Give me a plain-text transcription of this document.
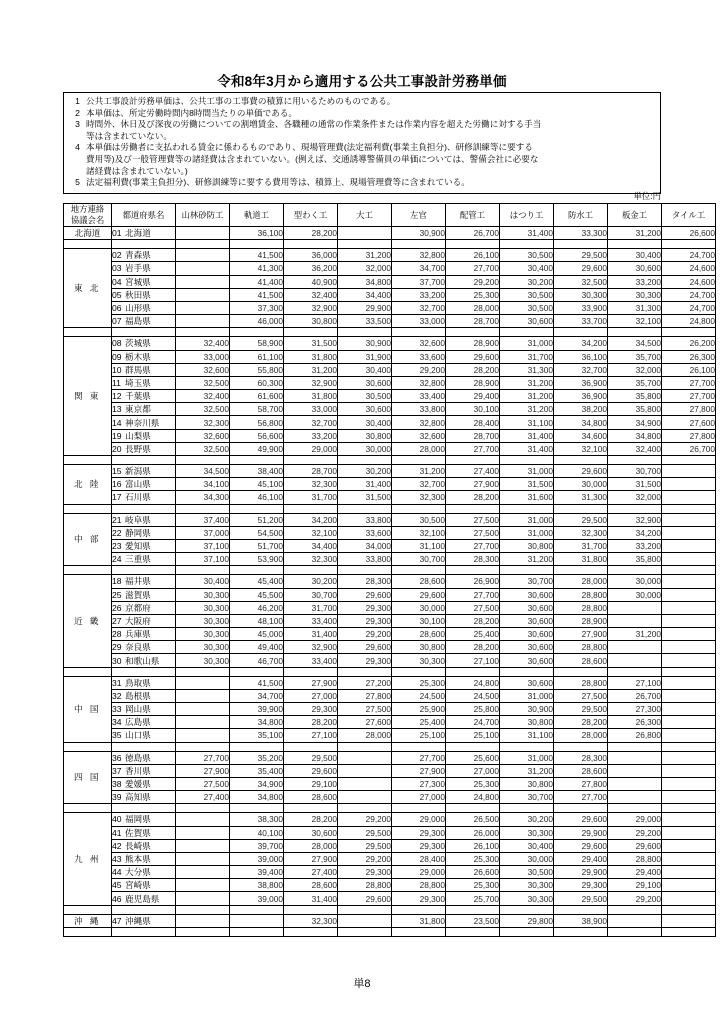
令和8年3月から適用する公共工事設計労務単価
1 公共工事設計労務単価は、公共工事の工事費の積算に用いるためのものである。
2 本単価は、所定労働時間内8時間当たりの単価である。
3 時間外、休日及び深夜の労働についての割増賃金、各職種の通常の作業条件または作業内容を超えた労働に対する手当
等は含まれていない。
4 本単価は労働者に支払われる賃金に係わるものであり、現場管理費(法定福利費(事業主負担分)、研修訓練等に要する
費用等)及び一般管理費等の諸経費は含まれていない。(例えば、交通誘導警備員の単価については、警備会社に必要な
諸経費は含まれていない。)
5 法定福利費(事業主負担分)、研修訓練等に要する費用等は、積算上、現場管理費等に含まれている。
単位:円
地方連絡
協議会名	都道府県名	山林砂防工	軌道工	型わく工	大工	左官	配管工	はつり工	防水工	板金工	タイル工
北海道	01 北海道		36,100	28,200		30,900	26,700	31,400	33,300	31,200	26,600

東 北	02 青森県		41,500	36,000	31,200	32,800	26,100	30,500	29,500	30,400	24,700
	03 岩手県		41,300	36,200	32,000	34,700	27,700	30,400	29,600	30,600	24,600
	04 宮城県		41,400	40,900	34,800	37,700	29,200	30,200	32,500	33,200	24,600
	05 秋田県		41,500	32,400	34,400	33,200	25,300	30,500	30,300	30,300	24,700
	06 山形県		37,300	32,900	29,900	32,700	28,000	30,500	33,900	31,300	24,700
	07 福島県		46,000	30,800	33,500	33,000	28,700	30,600	33,700	32,100	24,800

関 東	08 茨城県	32,400	58,900	31,500	30,900	32,600	28,900	31,000	34,200	34,500	26,200
	09 栃木県	33,000	61,100	31,800	31,900	33,600	29,600	31,700	36,100	35,700	26,300
	10 群馬県	32,600	55,800	31,200	30,400	29,200	28,200	31,300	32,700	32,000	26,100
	11 埼玉県	32,500	60,300	32,900	30,600	32,800	28,900	31,200	36,900	35,700	27,700
	12 千葉県	32,400	61,600	31,800	30,500	33,400	29,400	31,200	36,900	35,800	27,700
	13 東京都	32,500	58,700	33,000	30,600	33,800	30,100	31,200	38,200	35,800	27,800
	14 神奈川県	32,300	56,800	32,700	30,400	32,800	28,400	31,100	34,800	34,900	27,600
	19 山梨県	32,600	56,600	33,200	30,800	32,600	28,700	31,400	34,600	34,800	27,800
	20 長野県	32,500	49,900	29,000	30,000	28,000	27,700	31,400	32,100	32,400	26,700

北 陸	15 新潟県	34,500	38,400	28,700	30,200	31,200	27,400	31,000	29,600	30,700	
	16 富山県	34,100	45,100	32,300	31,400	32,700	27,900	31,500	30,000	31,500	
	17 石川県	34,300	46,100	31,700	31,500	32,300	28,200	31,600	31,300	32,000	

中 部	21 岐阜県	37,400	51,200	34,200	33,800	30,500	27,500	31,000	29,500	32,900	
	22 静岡県	37,000	54,500	32,100	33,600	32,100	27,500	31,000	32,300	34,200	
	23 愛知県	37,100	51,700	34,400	34,000	31,100	27,700	30,800	31,700	33,200	
	24 三重県	37,100	53,900	32,300	33,800	30,700	28,300	31,200	31,800	35,800	

近 畿	18 福井県	30,400	45,400	30,200	28,300	28,600	26,900	30,700	28,000	30,000	
	25 滋賀県	30,300	45,500	30,700	29,600	29,600	27,700	30,600	28,800	30,000	
	26 京都府	30,300	46,200	31,700	29,300	30,000	27,500	30,600	28,800		
	27 大阪府	30,300	48,100	33,400	29,300	30,100	28,200	30,600	28,900		
	28 兵庫県	30,300	45,000	31,400	29,200	28,600	25,400	30,600	27,900	31,200	
	29 奈良県	30,300	49,400	32,900	29,600	30,800	28,200	30,600	28,800		
	30 和歌山県	30,300	46,700	33,400	29,300	30,300	27,100	30,600	28,600		

中 国	31 鳥取県		41,500	27,900	27,200	25,300	24,800	30,600	28,800	27,100	
	32 島根県		34,700	27,000	27,800	24,500	24,500	31,000	27,500	26,700	
	33 岡山県		39,900	29,300	27,500	25,900	25,800	30,900	29,500	27,300	
	34 広島県		34,800	28,200	27,600	25,400	24,700	30,800	28,200	26,300	
	35 山口県		35,100	27,100	28,000	25,100	25,100	31,100	28,000	26,800	

四 国	36 徳島県	27,700	35,200	29,500		27,700	25,600	31,000	28,300		
	37 香川県	27,900	35,400	29,600		27,900	27,000	31,200	28,600		
	38 愛媛県	27,500	34,900	29,100		27,300	25,300	30,800	27,800		
	39 高知県	27,400	34,800	28,600		27,000	24,800	30,700	27,700		

九 州	40 福岡県		38,300	28,200	29,200	29,000	26,500	30,200	29,600	29,000	
	41 佐賀県		40,100	30,600	29,500	29,300	26,000	30,300	29,900	29,200	
	42 長崎県		39,700	28,000	29,500	29,300	26,100	30,400	29,600	29,600	
	43 熊本県		39,000	27,900	29,200	28,400	25,300	30,000	29,400	28,800	
	44 大分県		39,400	27,400	29,300	29,000	26,600	30,500	29,900	29,400	
	45 宮崎県		38,800	28,600	28,800	28,800	25,300	30,300	29,300	29,100	
	46 鹿児島県		39,000	31,400	29,600	29,300	25,700	30,300	29,500	29,200	

沖 縄	47 沖縄県			32,300		31,800	23,500	29,800	38,900		

単8
